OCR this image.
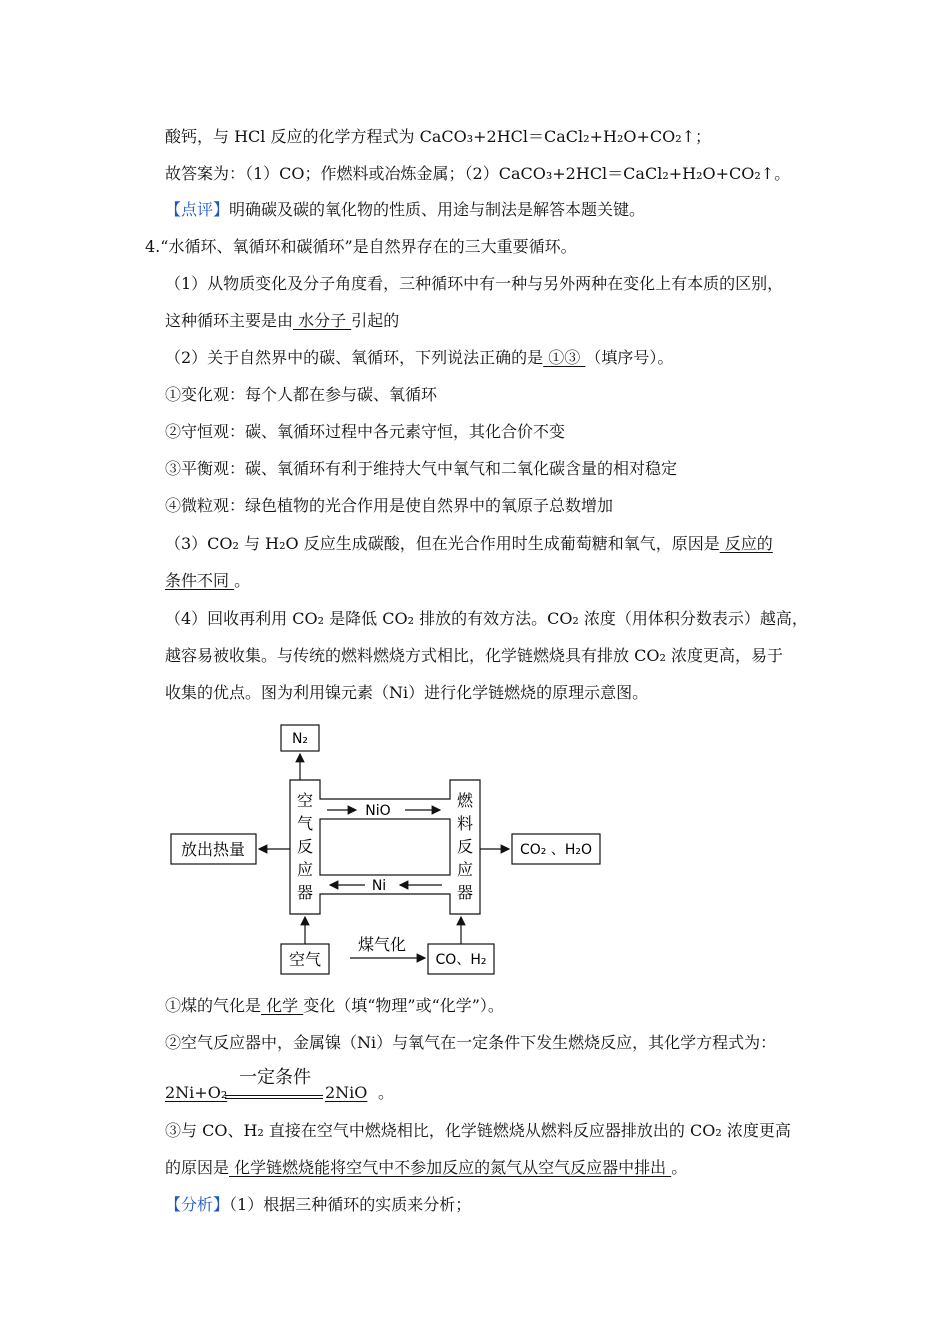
酸钙，与 HCl 反应的化学方程式为 CaCO₃+2HCl＝CaCl₂+H₂O+CO₂↑；
故答案为：（1）CO；作燃料或冶炼金属；（2）CaCO₃+2HCl＝CaCl₂+H₂O+CO₂↑。
【点评】明确碳及碳的氧化物的性质、用途与制法是解答本题关键。
4.“水循环、氧循环和碳循环”是自然界存在的三大重要循环。
（1）从物质变化及分子角度看，三种循环中有一种与另外两种在变化上有本质的区别，
这种循环主要是由 水分子 引起的
（2）关于自然界中的碳、氧循环，下列说法正确的是 ①③ （填序号）。
①变化观：每个人都在参与碳、氧循环
②守恒观：碳、氧循环过程中各元素守恒，其化合价不变
③平衡观：碳、氧循环有利于维持大气中氧气和二氧化碳含量的相对稳定
④微粒观：绿色植物的光合作用是使自然界中的氧原子总数增加
（3）CO₂ 与 H₂O 反应生成碳酸，但在光合作用时生成葡萄糖和氧气，原因是 反应的
条件不同 。
（4）回收再利用 CO₂ 是降低 CO₂ 排放的有效方法。CO₂ 浓度（用体积分数表示）越高，
越容易被收集。与传统的燃料燃烧方式相比，化学链燃烧具有排放 CO₂ 浓度更高，易于
收集的优点。图为利用镍元素（Ni）进行化学链燃烧的原理示意图。
N₂
空
气
反
应
器
燃
料
反
应
器
NiO
Ni
放出热量	CO₂ 、H₂O
空气	CO、H₂
煤气化
①煤的气化是 化学 变化（填“物理”或“化学”）。
②空气反应器中，金属镍（Ni）与氧气在一定条件下发生燃烧反应，其化学方程式为：
2Ni+O₂
一定条件
2NiO 。
③与 CO、H₂ 直接在空气中燃烧相比，化学链燃烧从燃料反应器排放出的 CO₂ 浓度更高
的原因是 化学链燃烧能将空气中不参加反应的氮气从空气反应器中排出 。
【分析】（1）根据三种循环的实质来分析；
